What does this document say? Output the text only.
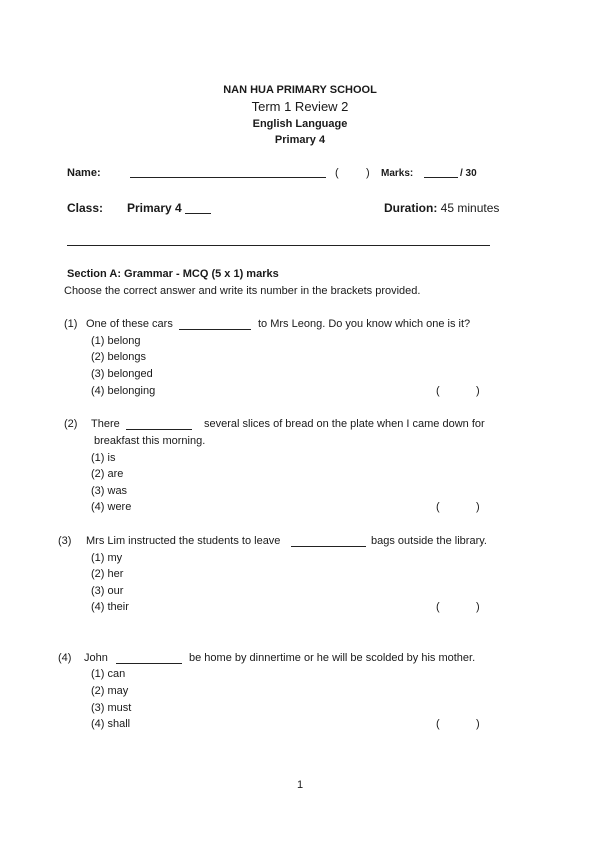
NAN HUA PRIMARY SCHOOL
Term 1 Review 2
English Language
Primary 4
Name:	( ) Marks:	/ 30
Class: Primary 4	Duration: 45 minutes
Section A: Grammar - MCQ (5 x 1) marks
Choose the correct answer and write its number in the brackets provided.
(1) One of these cars	to Mrs Leong. Do you know which one is it?
(1) belong
(2) belongs
(3) belonged
(4) belonging	(	)
(2) There	several slices of bread on the plate when I came down for
breakfast this morning.
(1) is
(2) are
(3) was
(4) were	(	)
(3) Mrs Lim instructed the students to leave	bags outside the library.
(1) my
(2) her
(3) our
(4) their	(	)
(4) John	be home by dinnertime or he will be scolded by his mother.
(1) can
(2) may
(3) must
(4) shall	(	)
1
